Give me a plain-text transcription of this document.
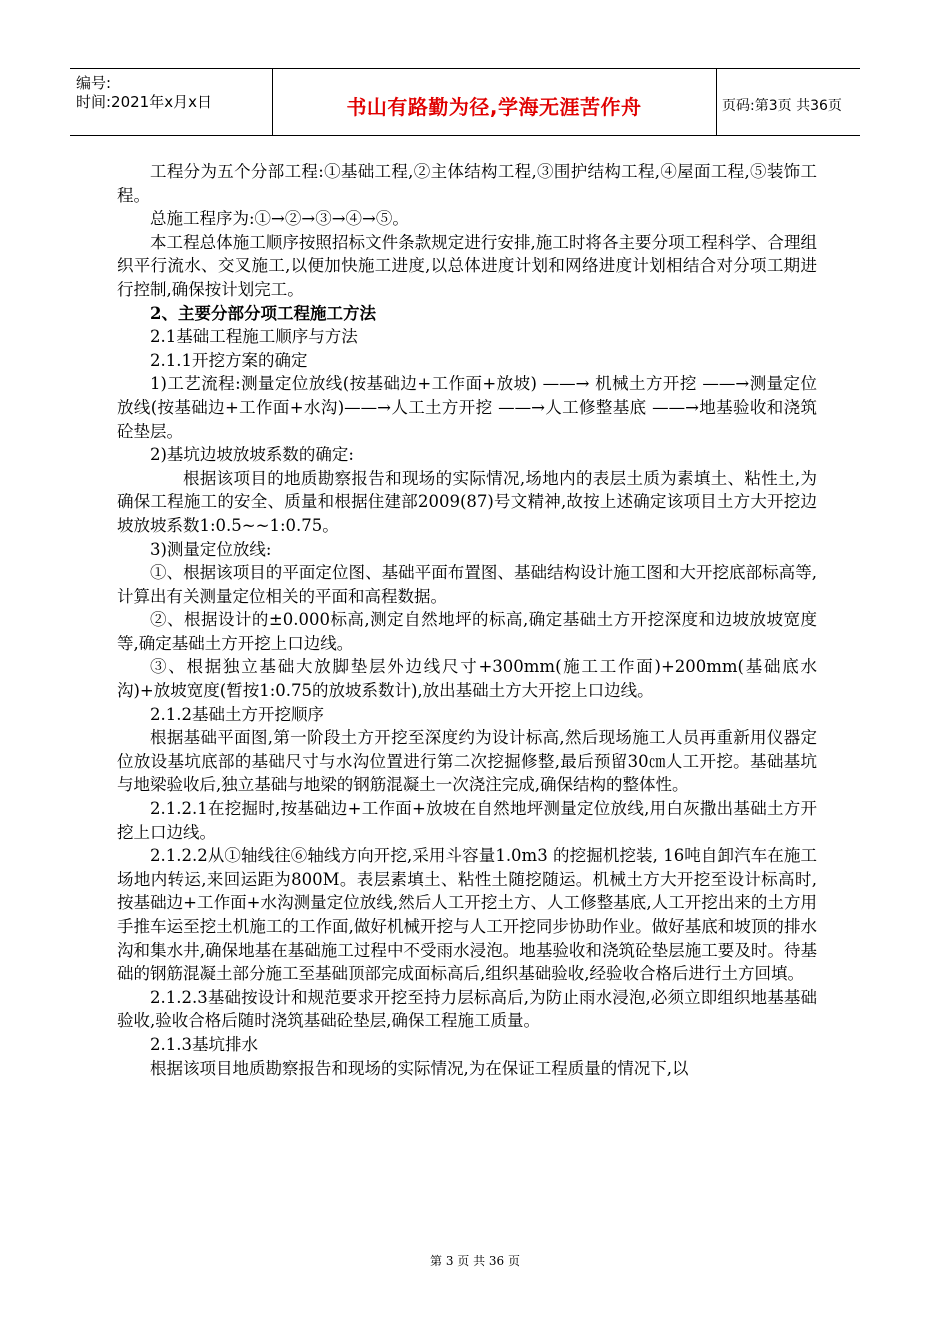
编号:
时间:2021年x月x日	书山有路勤为径,学海无涯苦作舟	页码:第3页 共36页

工程分为五个分部工程:①基础工程,②主体结构工程,③围护结构工程,④屋面工程,⑤装饰工程。

总施工程序为:①→②→③→④→⑤。

本工程总体施工顺序按照招标文件条款规定进行安排,施工时将各主要分项工程科学、合理组织平行流水、交叉施工,以便加快施工进度,以总体进度计划和网络进度计划相结合对分项工期进行控制,确保按计划完工。

2、主要分部分项工程施工方法

2.1基础工程施工顺序与方法

2.1.1开挖方案的确定

1)工艺流程:测量定位放线(按基础边+工作面+放坡) ——→ 机械土方开挖 ——→测量定位放线(按基础边+工作面+水沟)——→人工土方开挖 ——→人工修整基底 ——→地基验收和浇筑砼垫层。

2)基坑边坡放坡系数的确定:

根据该项目的地质勘察报告和现场的实际情况,场地内的表层土质为素填土、粘性土,为确保工程施工的安全、质量和根据住建部2009(87)号文精神,故按上述确定该项目土方大开挖边坡放坡系数1:0.5~~1:0.75。

3)测量定位放线:

①、根据该项目的平面定位图、基础平面布置图、基础结构设计施工图和大开挖底部标高等,计算出有关测量定位相关的平面和高程数据。

②、根据设计的±0.000标高,测定自然地坪的标高,确定基础土方开挖深度和边坡放坡宽度等,确定基础土方开挖上口边线。

③、根据独立基础大放脚垫层外边线尺寸+300mm(施工工作面)+200mm(基础底水沟)+放坡宽度(暂按1:0.75的放坡系数计),放出基础土方大开挖上口边线。

2.1.2基础土方开挖顺序

根据基础平面图,第一阶段土方开挖至深度约为设计标高,然后现场施工人员再重新用仪器定位放设基坑底部的基础尺寸与水沟位置进行第二次挖掘修整,最后预留30㎝人工开挖。基础基坑与地梁验收后,独立基础与地梁的钢筋混凝土一次浇注完成,确保结构的整体性。

2.1.2.1在挖掘时,按基础边+工作面+放坡在自然地坪测量定位放线,用白灰撒出基础土方开挖上口边线。

2.1.2.2从①轴线往⑥轴线方向开挖,采用斗容量1.0m3 的挖掘机挖装, 16吨自卸汽车在施工场地内转运,来回运距为800M。表层素填土、粘性土随挖随运。机械土方大开挖至设计标高时,按基础边+工作面+水沟测量定位放线,然后人工开挖土方、人工修整基底,人工开挖出来的土方用手推车运至挖土机施工的工作面,做好机械开挖与人工开挖同步协助作业。做好基底和坡顶的排水沟和集水井,确保地基在基础施工过程中不受雨水浸泡。地基验收和浇筑砼垫层施工要及时。待基础的钢筋混凝土部分施工至基础顶部完成面标高后,组织基础验收,经验收合格后进行土方回填。

2.1.2.3基础按设计和规范要求开挖至持力层标高后,为防止雨水浸泡,必须立即组织地基基础验收,验收合格后随时浇筑基础砼垫层,确保工程施工质量。

2.1.3基坑排水

根据该项目地质勘察报告和现场的实际情况,为在保证工程质量的情况下,以

第 3 页 共 36 页
